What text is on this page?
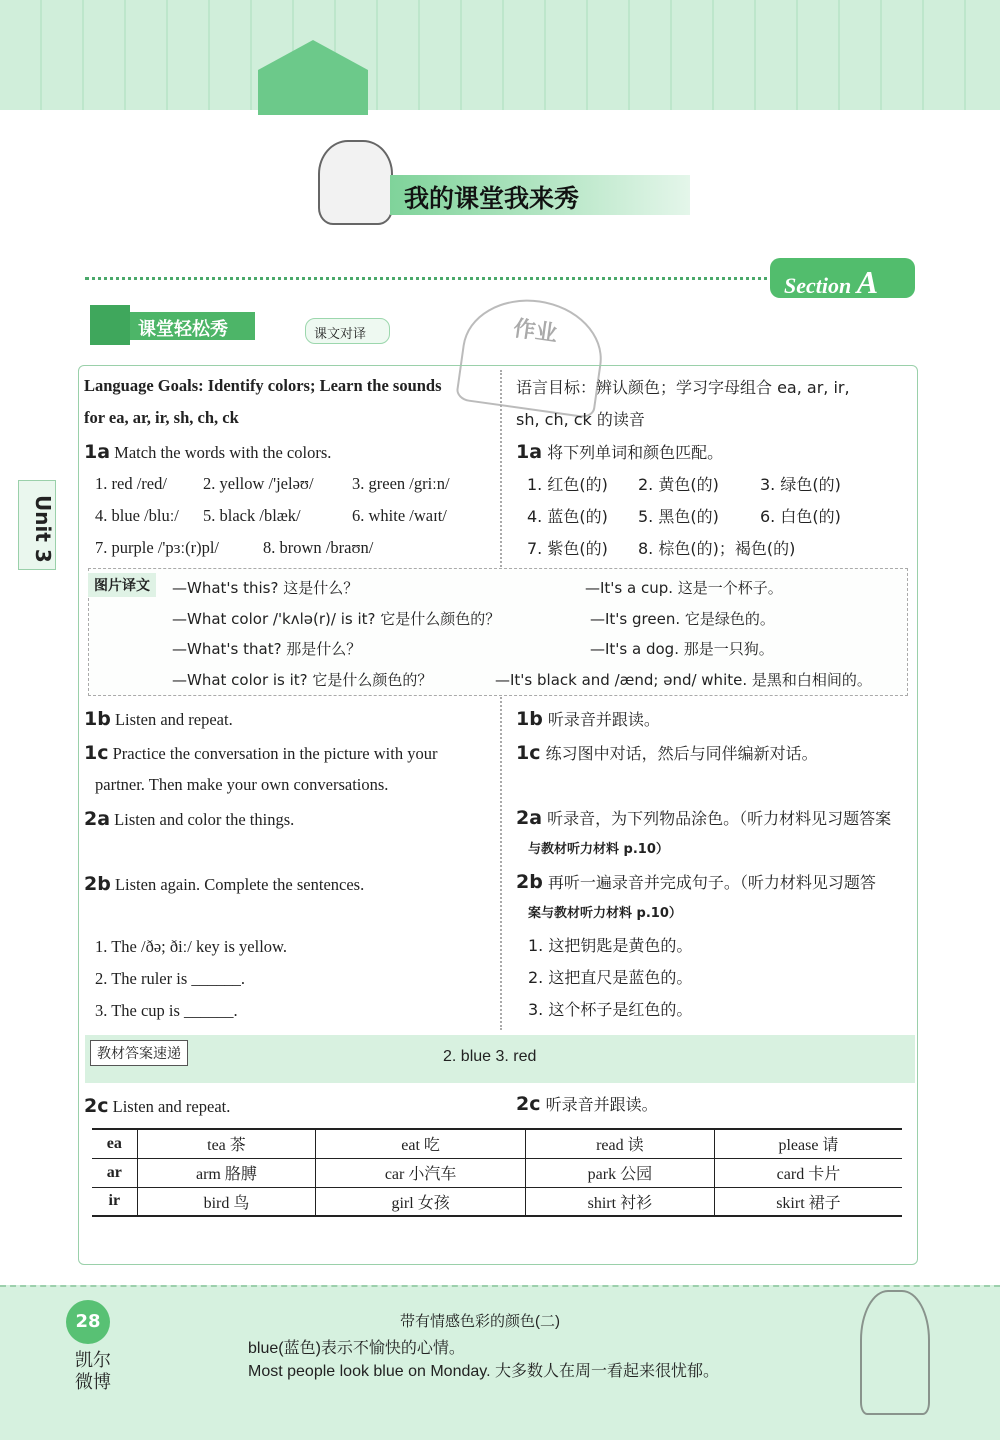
我的课堂我来秀
Section A
课堂轻松秀	课文对译	作业
Unit 3
Language Goals: Identify colors; Learn the sounds
for ea, ar, ir, sh, ch, ck
1a Match the words with the colors.
1. red /red/ 2. yellow /'jeləʊ/ 3. green /griːn/
4. blue /bluː/ 5. black /blæk/	6. white /waɪt/
7. purple /'pɜː(r)pl/	8. brown /braʊn/
图片译文	—What's this? 这是什么？	—It's a cup. 这是一个杯子。
—What color /'kʌlə(r)/ is it? 它是什么颜色的？	—It's green. 它是绿色的。
—What's that? 那是什么？	—It's a dog. 那是一只狗。
—What color is it? 它是什么颜色的？	—It's black and /ænd; ənd/ white. 是黑和白相间的。
1b Listen and repeat.
1c Practice the conversation in the picture with your
partner. Then make your own conversations.
2a Listen and color the things.
2b Listen again. Complete the sentences.
1. The /ðə; ðiː/ key is yellow.
2. The ruler is ______.
3. The cup is ______.
语言目标：辨认颜色；学习字母组合 ea, ar, ir,
sh, ch, ck 的读音
1a 将下列单词和颜色匹配。
1. 红色(的) 2. 黄色(的)	3. 绿色(的)
4. 蓝色(的) 5. 黑色(的)	6. 白色(的)
7. 紫色(的) 8. 棕色(的)；褐色(的)
1b 听录音并跟读。
1c 练习图中对话，然后与同伴编新对话。
2a 听录音，为下列物品涂色。（听力材料见习题答案
与教材听力材料 p.10）
2b 再听一遍录音并完成句子。（听力材料见习题答
案与教材听力材料 p.10）
1. 这把钥匙是黄色的。
2. 这把直尺是蓝色的。
3. 这个杯子是红色的。
教材答案速递	2. blue 3. red
2c Listen and repeat.	2c 听录音并跟读。
ea	tea 茶	eat 吃	read 读	please 请
ar	arm 胳膊	car 小汽车	park 公园	card 卡片
ir	bird 鸟	girl 女孩	shirt 衬衫	skirt 裙子
28
凯尔微博
带有情感色彩的颜色(二)
blue(蓝色)表示不愉快的心情。
Most people look blue on Monday. 大多数人在周一看起来很忧郁。
